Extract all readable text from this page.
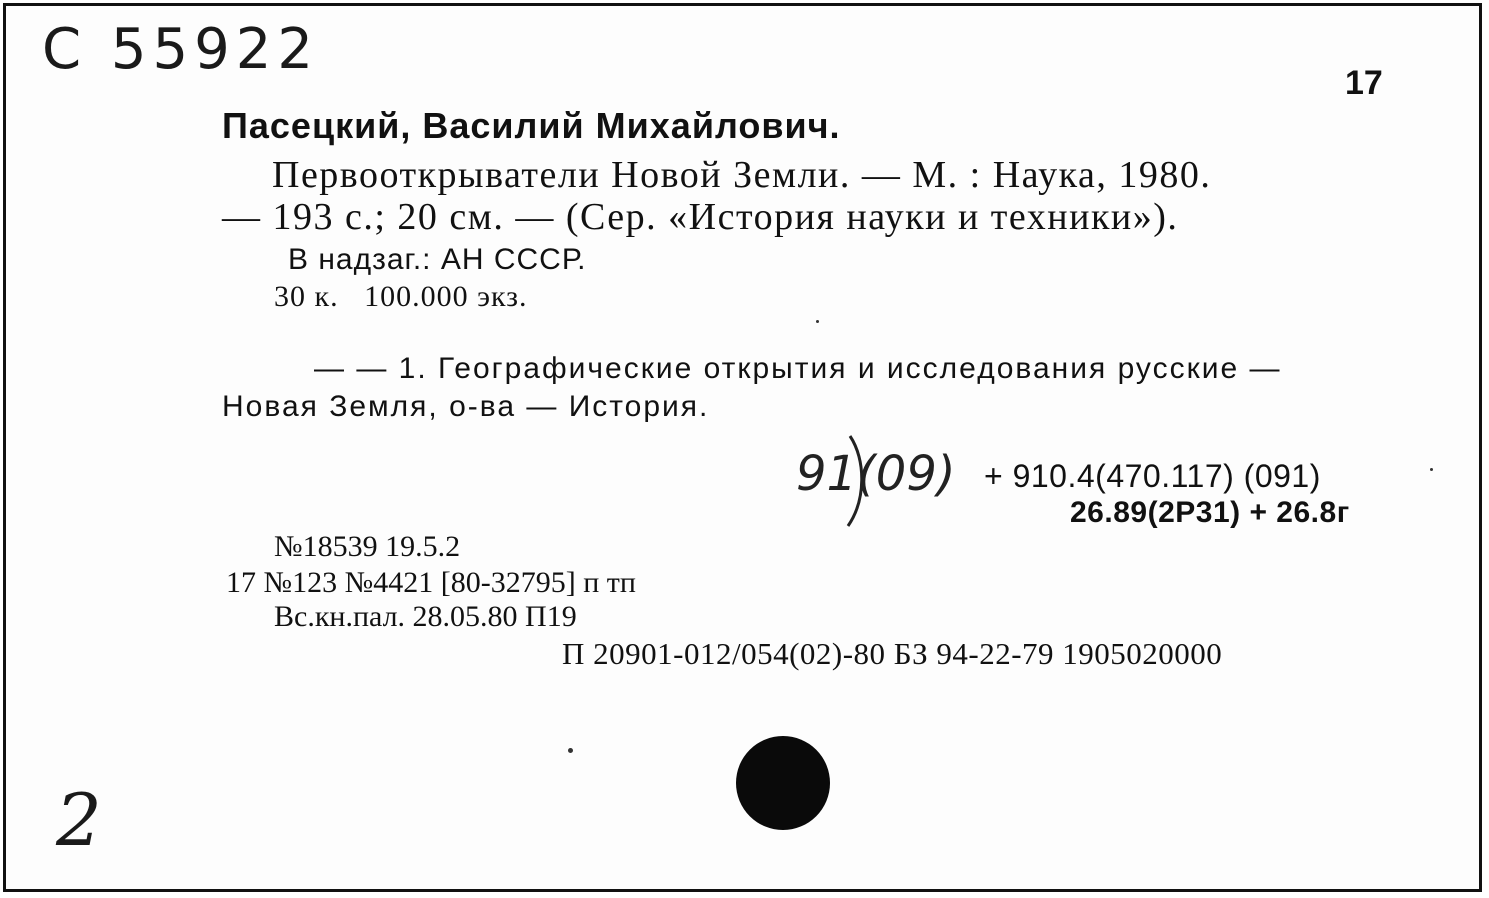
С 55922
17
Пасецкий, Василий Михайлович.
Первооткрыватели Новой Земли. — М. : Наука, 1980.
— 193 с.; 20 см. — (Сер. «История науки и техники»).
В надзаг.: АН СССР.
30 к.   100.000 экз.
— — 1. Географические открытия и исследования русские —
Новая Земля, о-ва — История.
91(09) + 910.4(470.117) (091)
26.89(2Р31) + 26.8г
№18539 19.5.2
17 №123 №4421 [80-32795] п тп
Вс.кн.пал. 28.05.80 П19
П 20901-012/054(02)-80 БЗ 94-22-79 1905020000
2
